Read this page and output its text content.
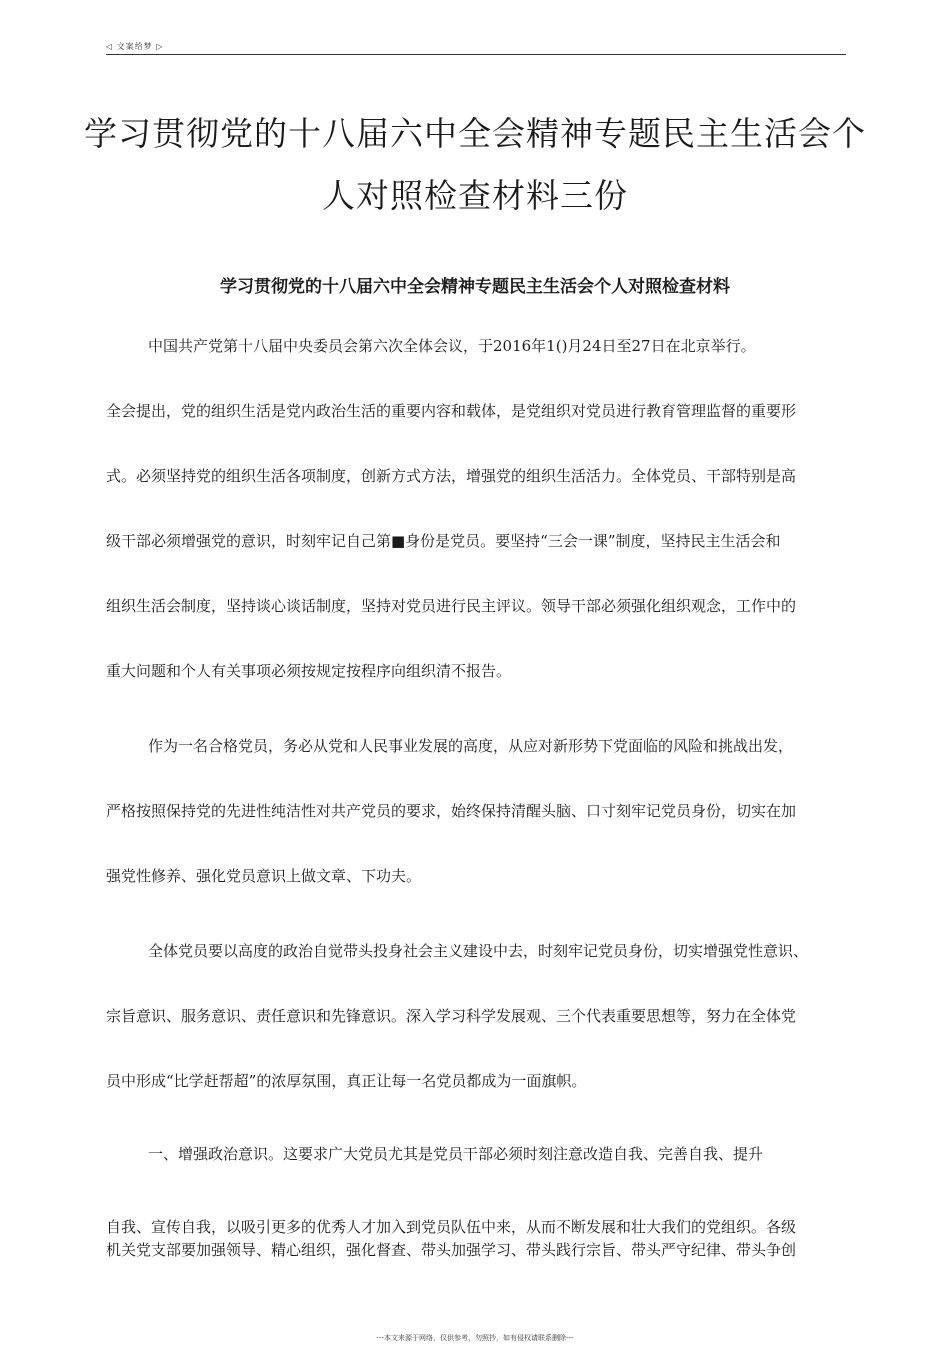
◁ 文案给梦 ▷
学习贯彻党的十八届六中全会精神专题民主生活会个
人对照检查材料三份
学习贯彻党的十八届六中全会精神专题民主生活会个人对照检查材料

中国共产党第十八届中央委员会第六次全体会议，于2016年1()月24日至27日在北京举行。

全会提出，党的组织生活是党内政治生活的重要内容和载体，是党组织对党员进行教育管理监督的重要形

式。必须坚持党的组织生活各项制度，创新方式方法，增强党的组织生活活力。全体党员、干部特别是高

级干部必须增强党的意识，时刻牢记自己第■身份是党员。要坚持“三会一课”制度，坚持民主生活会和

组织生活会制度，坚持谈心谈话制度，坚持对党员进行民主评议。领导干部必须强化组织观念，工作中的

重大问题和个人有关事项必须按规定按程序向组织清不报告。

作为一名合格党员，务必从党和人民事业发展的高度，从应对新形势下党面临的风险和挑战出发，

严格按照保持党的先进性纯洁性对共产党员的要求，始终保持清醒头脑、口寸刻牢记党员身份，切实在加

强党性修养、强化党员意识上做文章、下功夫。

全体党员要以高度的政治自觉带头投身社会主义建设中去，时刻牢记党员身份，切实增强党性意识、

宗旨意识、服务意识、责任意识和先锋意识。深入学习科学发展观、三个代表重要思想等，努力在全体党

员中形成“比学赶帮超”的浓厚氛围，真正让每一名党员都成为一面旗帜。

一、增强政治意识。这要求广大党员尤其是党员干部必须时刻注意改造自我、完善自我、提升

自我、宣传自我，以吸引更多的优秀人才加入到党员队伍中来，从而不断发展和壮大我们的党组织。各级

机关党支部要加强领导、精心组织，强化督查、带头加强学习、带头践行宗旨、带头严守纪律、带头争创

---本文来源于网络，仅供参考，勿照抄，如有侵权请联系删除---
